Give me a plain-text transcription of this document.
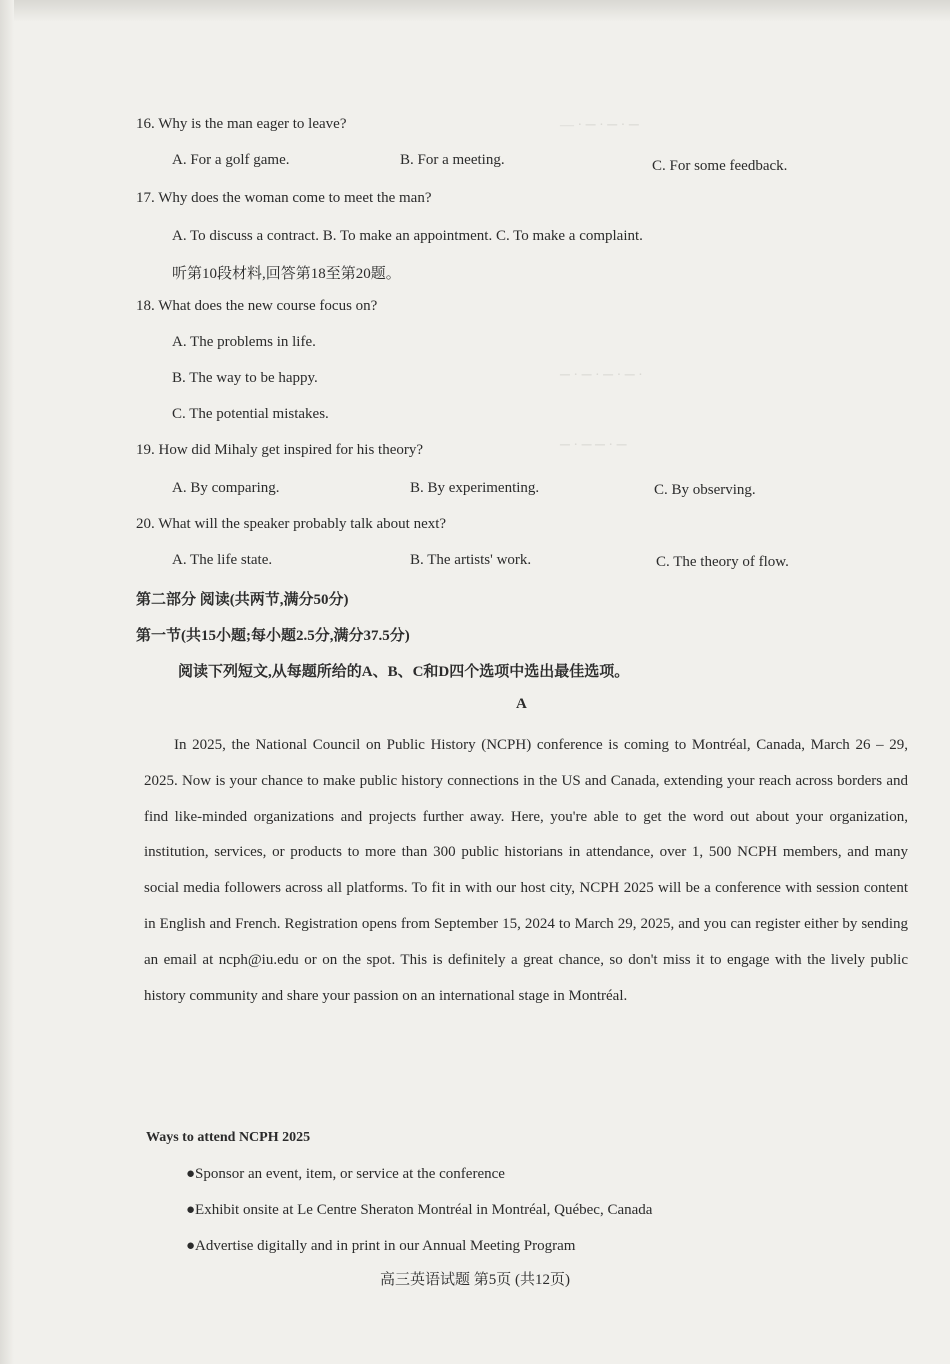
— · ─ · ─ · ─
─ · ─ · ─ · ─ ·
─ · ─ ─ · ─
16. Why is the man eager to leave?
A. For a golf game.	B. For a meeting.	C. For some feedback.
17. Why does the woman come to meet the man?
A. To discuss a contract. B. To make an appointment. C. To make a complaint.
听第10段材料,回答第18至第20题。
18. What does the new course focus on?
A. The problems in life.
B. The way to be happy.
C. The potential mistakes.
19. How did Mihaly get inspired for his theory?
A. By comparing.	B. By experimenting.	C. By observing.
20. What will the speaker probably talk about next?
A. The life state.	B. The artists' work.	C. The theory of flow.
第二部分 阅读(共两节,满分50分)
第一节(共15小题;每小题2.5分,满分37.5分)
阅读下列短文,从每题所给的A、B、C和D四个选项中选出最佳选项。
A

In 2025, the National Council on Public History (NCPH) conference is coming to Montréal, Canada, March 26 – 29, 2025. Now is your chance to make public history connections in the US and Canada, extending your reach across borders and find like-minded organizations and projects further away. Here, you're able to get the word out about your organization, institution, services, or products to more than 300 public historians in attendance, over 1, 500 NCPH members, and many social media followers across all platforms. To fit in with our host city, NCPH 2025 will be a conference with session content in English and French. Registration opens from September 15, 2024 to March 29, 2025, and you can register either by sending an email at ncph@iu.edu or on the spot. This is definitely a great chance, so don't miss it to engage with the lively public history community and share your passion on an international stage in Montréal.

Ways to attend NCPH 2025
●Sponsor an event, item, or service at the conference
●Exhibit onsite at Le Centre Sheraton Montréal in Montréal, Québec, Canada
●Advertise digitally and in print in our Annual Meeting Program
高三英语试题 第5页 (共12页)
